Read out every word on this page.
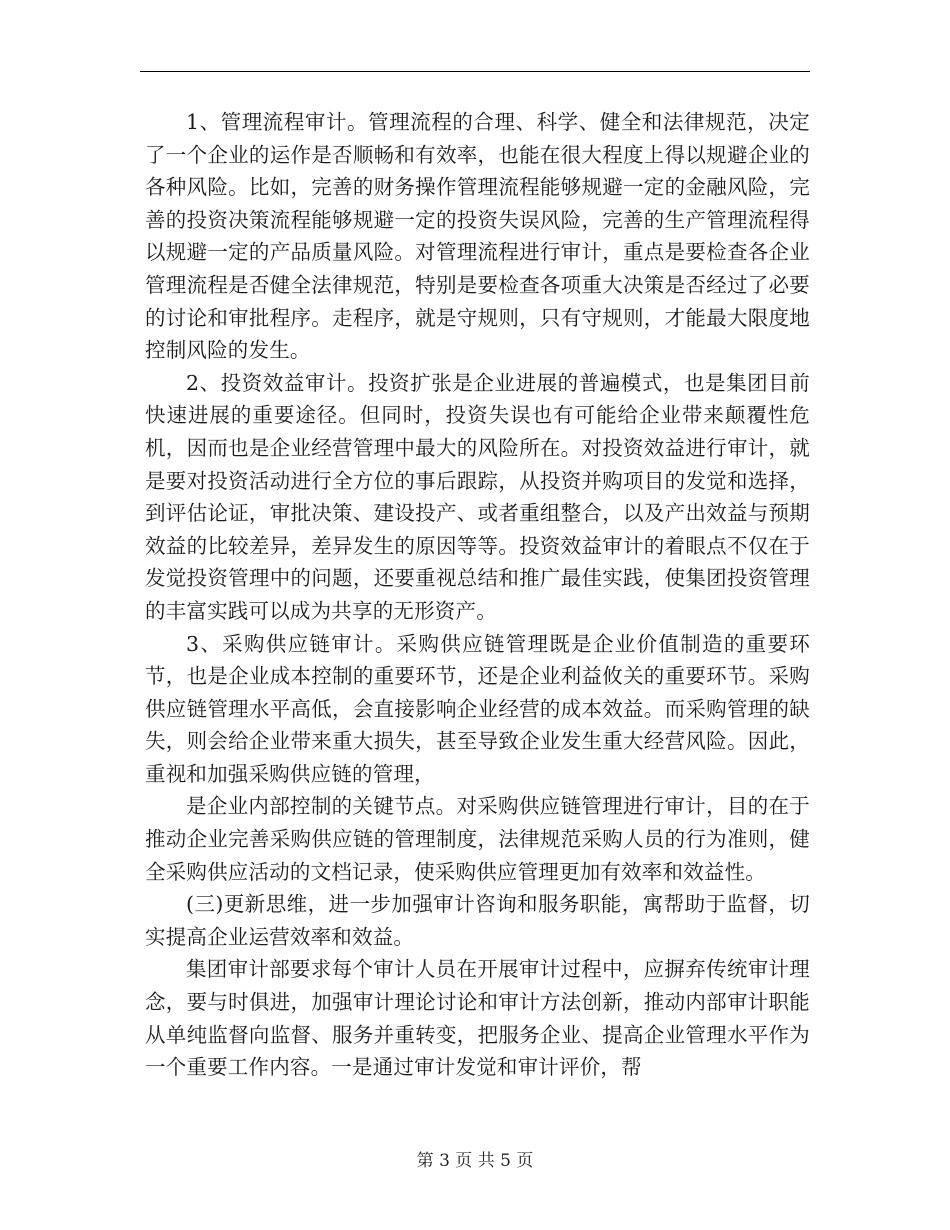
1、管理流程审计。管理流程的合理、科学、健全和法律规范，决定了一个企业的运作是否顺畅和有效率，也能在很大程度上得以规避企业的各种风险。比如，完善的财务操作管理流程能够规避一定的金融风险，完善的投资决策流程能够规避一定的投资失误风险，完善的生产管理流程得以规避一定的产品质量风险。对管理流程进行审计，重点是要检查各企业管理流程是否健全法律规范，特别是要检查各项重大决策是否经过了必要的讨论和审批程序。走程序，就是守规则，只有守规则，才能最大限度地控制风险的发生。

2、投资效益审计。投资扩张是企业进展的普遍模式，也是集团目前快速进展的重要途径。但同时，投资失误也有可能给企业带来颠覆性危机，因而也是企业经营管理中最大的风险所在。对投资效益进行审计，就是要对投资活动进行全方位的事后跟踪，从投资并购项目的发觉和选择，到评估论证，审批决策、建设投产、或者重组整合，以及产出效益与预期效益的比较差异，差异发生的原因等等。投资效益审计的着眼点不仅在于发觉投资管理中的问题，还要重视总结和推广最佳实践，使集团投资管理的丰富实践可以成为共享的无形资产。

3、采购供应链审计。采购供应链管理既是企业价值制造的重要环节，也是企业成本控制的重要环节，还是企业利益攸关的重要环节。采购供应链管理水平高低，会直接影响企业经营的成本效益。而采购管理的缺失，则会给企业带来重大损失，甚至导致企业发生重大经营风险。因此，重视和加强采购供应链的管理，

是企业内部控制的关键节点。对采购供应链管理进行审计，目的在于推动企业完善采购供应链的管理制度，法律规范采购人员的行为准则，健全采购供应活动的文档记录，使采购供应管理更加有效率和效益性。

(三)更新思维，进一步加强审计咨询和服务职能，寓帮助于监督，切实提高企业运营效率和效益。

集团审计部要求每个审计人员在开展审计过程中，应摒弃传统审计理念，要与时俱进，加强审计理论讨论和审计方法创新，推动内部审计职能从单纯监督向监督、服务并重转变，把服务企业、提高企业管理水平作为一个重要工作内容。一是通过审计发觉和审计评价，帮

第 3 页 共 5 页
